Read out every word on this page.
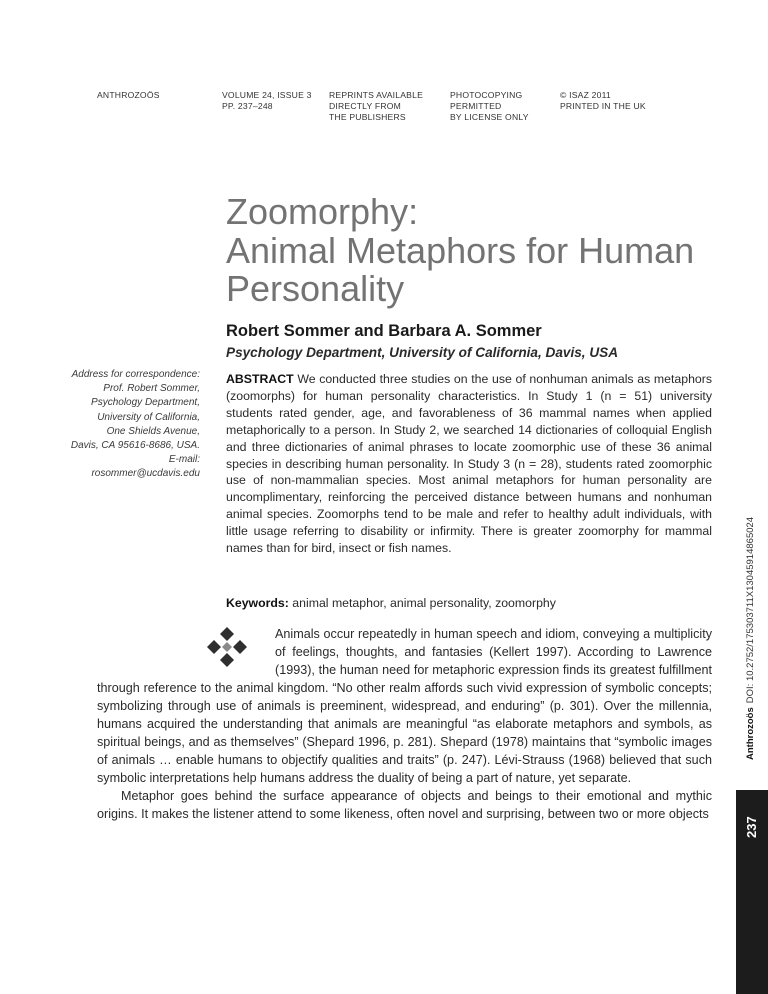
ANTHROZOÖS	VOLUME 24, ISSUE 3
PP. 237–248
REPRINTS AVAILABLE
DIRECTLY FROM
THE PUBLISHERS
PHOTOCOPYING
PERMITTED
BY LICENSE ONLY
© ISAZ 2011
PRINTED IN THE UK
Zoomorphy:
Animal Metaphors for Human
Personality
Robert Sommer and Barbara A. Sommer
Psychology Department, University of California, Davis, USA
Address for correspondence:
Prof. Robert Sommer,
Psychology Department,
University of California,
One Shields Avenue,
Davis, CA 95616-8686, USA.
E-mail:
rosommer@ucdavis.edu

ABSTRACT We conducted three studies on the use of nonhuman animals as metaphors (zoomorphs) for human personality characteristics. In Study 1 (n = 51) university students rated gender, age, and favorableness of 36 mammal names when applied metaphorically to a person. In Study 2, we searched 14 dictionaries of colloquial English and three dictionaries of animal phrases to locate zoomorphic use of these 36 animal species in describing human personality. In Study 3 (n = 28), students rated zoomorphic use of non-mammalian species. Most animal metaphors for human personality are uncomplimentary, reinforcing the perceived distance between humans and nonhuman animal species. Zoomorphs tend to be male and refer to healthy adult individuals, with little usage referring to disability or infirmity. There is greater zoomorphy for mammal names than for bird, insect or fish names.

Keywords: animal metaphor, animal personality, zoomorphy

Animals occur repeatedly in human speech and idiom, conveying a multiplicity of feelings, thoughts, and fantasies (Kellert 1997). According to Lawrence (1993), the human need for metaphoric expression finds its greatest fulfillment through reference to the animal kingdom. “No other realm affords such vivid expression of symbolic concepts; symbolizing through use of animals is preeminent, widespread, and enduring” (p. 301). Over the millennia, humans acquired the understanding that animals are meaningful “as elaborate metaphors and symbols, as spiritual beings, and as themselves” (Shepard 1996, p. 281). Shepard (1978) maintains that “symbolic images of animals … enable humans to objectify qualities and traits” (p. 247). Lévi-Strauss (1968) believed that such symbolic interpretations help humans address the duality of being a part of nature, yet separate.

Metaphor goes behind the surface appearance of objects and beings to their emotional and mythic origins. It makes the listener attend to some likeness, often novel and surprising, between two or more objects

AnthrozoösDOI: 10.2752/175303711X13045914865024
237
